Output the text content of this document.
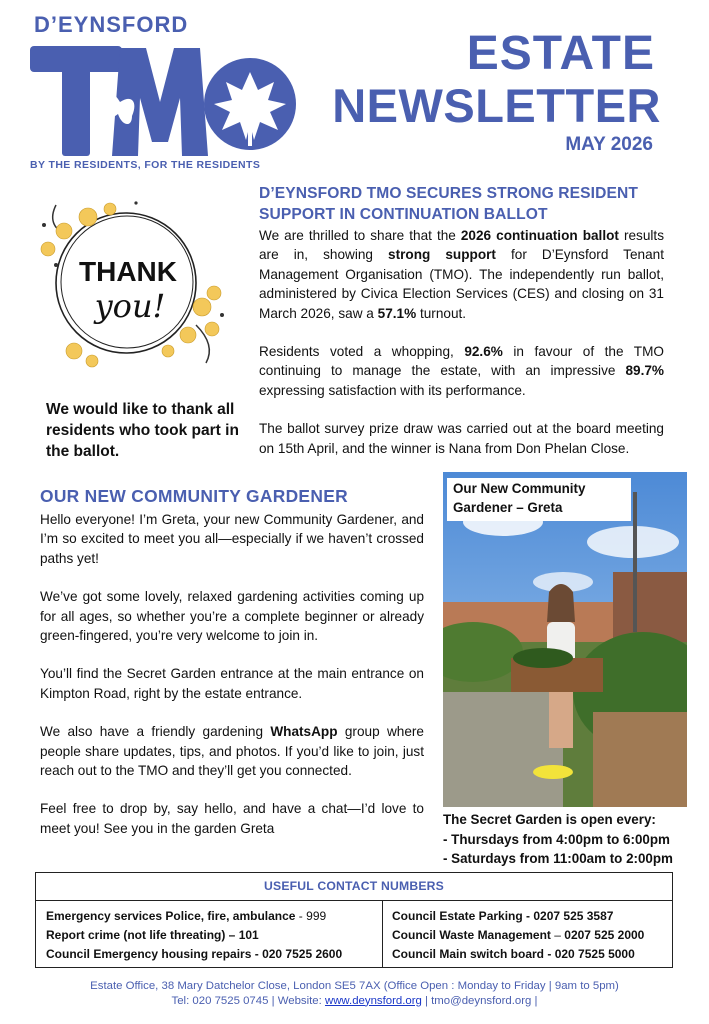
D’EYNSFORD
BY THE RESIDENTS, FOR THE RESIDENTS
ESTATE
NEWSLETTER
MAY 2026
THANK
you!
We would like to thank all residents who took part in the ballot.
D’EYNSFORD TMO SECURES STRONG RESIDENT SUPPORT IN CONTINUATION BALLOT

We are thrilled to share that the 2026 continuation ballot results are in, showing strong support for D’Eynsford Tenant Management Organisation (TMO). The independently run ballot, administered by Civica Election Services (CES) and closing on 31 March 2026, saw a 57.1% turnout.

Residents voted a whopping, 92.6% in favour of the TMO continuing to manage the estate, with an impressive 89.7% expressing satisfaction with its performance.

The ballot survey prize draw was carried out at the board meeting on 15th April, and the winner is Nana from Don Phelan Close.

OUR NEW COMMUNITY GARDENER

Hello everyone! I’m Greta, your new Community Gardener, and I’m so excited to meet you all—especially if we haven’t crossed paths yet!

We’ve got some lovely, relaxed gardening activities coming up for all ages, so whether you’re a complete beginner or already green-fingered, you’re very welcome to join in.

You’ll find the Secret Garden entrance at the main entrance on Kimpton Road, right by the estate entrance.

We also have a friendly gardening WhatsApp group where people share updates, tips, and photos. If you’d like to join, just reach out to the TMO and they’ll get you connected.

Feel free to drop by, say hello, and have a chat—I’d love to meet you! See you in the garden Greta

Our New Community Gardener – Greta
The Secret Garden is open every:
- Thursdays from 4:00pm to 6:00pm
- Saturdays from 11:00am to 2:00pm
USEFUL CONTACT NUMBERS
Emergency services Police, fire, ambulance - 999
Report crime (not life threating) – 101
Council Emergency housing repairs - 020 7525 2600
Council Estate Parking - 0207 525 3587
Council Waste Management – 0207 525 2000
Council Main switch board - 020 7525 5000
Estate Office, 38 Mary Datchelor Close, London SE5 7AX (Office Open : Monday to Friday | 9am to 5pm)
Tel: 020 7525 0745 | Website: www.deynsford.org | tmo@deynsford.org |
